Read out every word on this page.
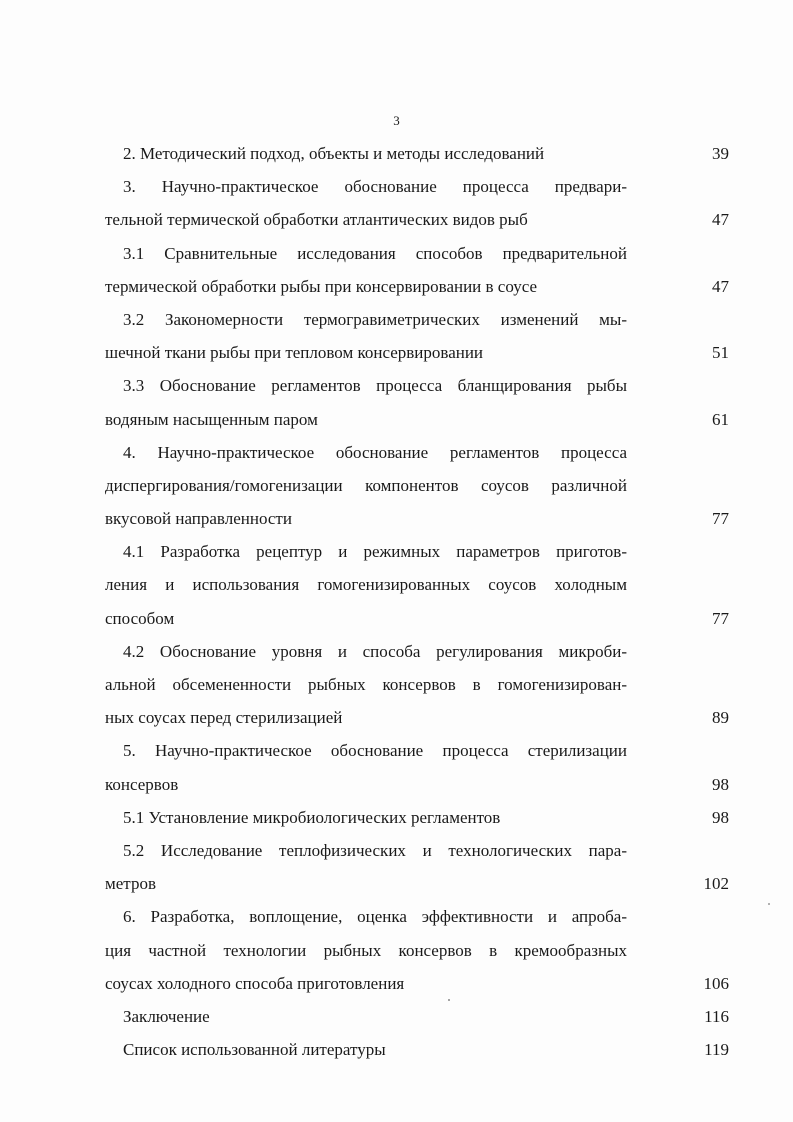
3
2. Методический подход, объекты и методы исследований	39
3. Научно-практическое обоснование процесса предвари-
тельной термической обработки атлантических видов рыб	47
3.1 Сравнительные исследования способов предварительной
термической обработки рыбы при консервировании в соусе	47
3.2 Закономерности термогравиметрических изменений мы-
шечной ткани рыбы при тепловом консервировании	51
3.3 Обоснование регламентов процесса бланщирования рыбы
водяным насыщенным паром	61
4. Научно-практическое обоснование регламентов процесса
диспергирования/гомогенизации компонентов соусов различной
вкусовой направленности	77
4.1 Разработка рецептур и режимных параметров приготов-
ления и использования гомогенизированных соусов холодным
способом	77
4.2 Обоснование уровня и способа регулирования микроби-
альной обсемененности рыбных консервов в гомогенизирован-
ных соусах перед стерилизацией	89
5. Научно-практическое обоснование процесса стерилизации
консервов	98
5.1 Установление микробиологических регламентов	98
5.2 Исследование теплофизических и технологических пара-
метров	102
6. Разработка, воплощение, оценка эффективности и апроба-
ция частной технологии рыбных консервов в кремообразных
соусах холодного способа приготовления	106
Заключение	116
Список использованной литературы	119
